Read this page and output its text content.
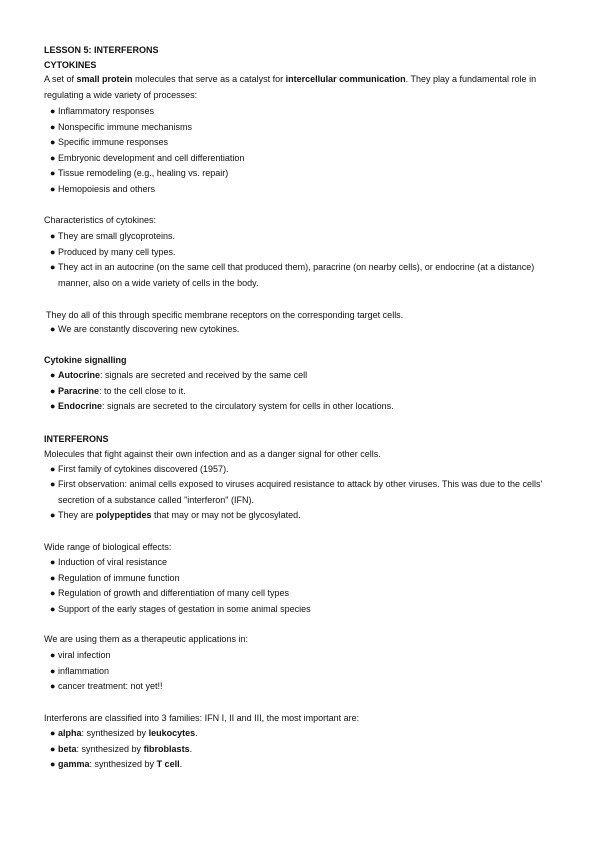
LESSON 5: INTERFERONS
CYTOKINES
A set of small protein molecules that serve as a catalyst for intercellular communication. They play a fundamental role in regulating a wide variety of processes:
● Inflammatory responses
● Nonspecific immune mechanisms
● Specific immune responses
● Embryonic development and cell differentiation
● Tissue remodeling (e.g., healing vs. repair)
● Hemopoiesis and others
Characteristics of cytokines:
● They are small glycoproteins.
● Produced by many cell types.
● They act in an autocrine (on the same cell that produced them), paracrine (on nearby cells), or endocrine (at a distance) manner, also on a wide variety of cells in the body.
They do all of this through specific membrane receptors on the corresponding target cells.
● We are constantly discovering new cytokines.
Cytokine signalling
● Autocrine: signals are secreted and received by the same cell
● Paracrine: to the cell close to it.
● Endocrine: signals are secreted to the circulatory system for cells in other locations.
INTERFERONS
Molecules that fight against their own infection and as a danger signal for other cells.
● First family of cytokines discovered (1957).
● First observation: animal cells exposed to viruses acquired resistance to attack by other viruses. This was due to the cells' secretion of a substance called "interferon" (IFN).
● They are polypeptides that may or may not be glycosylated.
Wide range of biological effects:
● Induction of viral resistance
● Regulation of immune function
● Regulation of growth and differentiation of many cell types
● Support of the early stages of gestation in some animal species
We are using them as a therapeutic applications in:
● viral infection
● inflammation
● cancer treatment: not yet!!
Interferons are classified into 3 families: IFN I, II and III, the most important are:
● alpha: synthesized by leukocytes.
● beta: synthesized by fibroblasts.
● gamma: synthesized by T cell.
